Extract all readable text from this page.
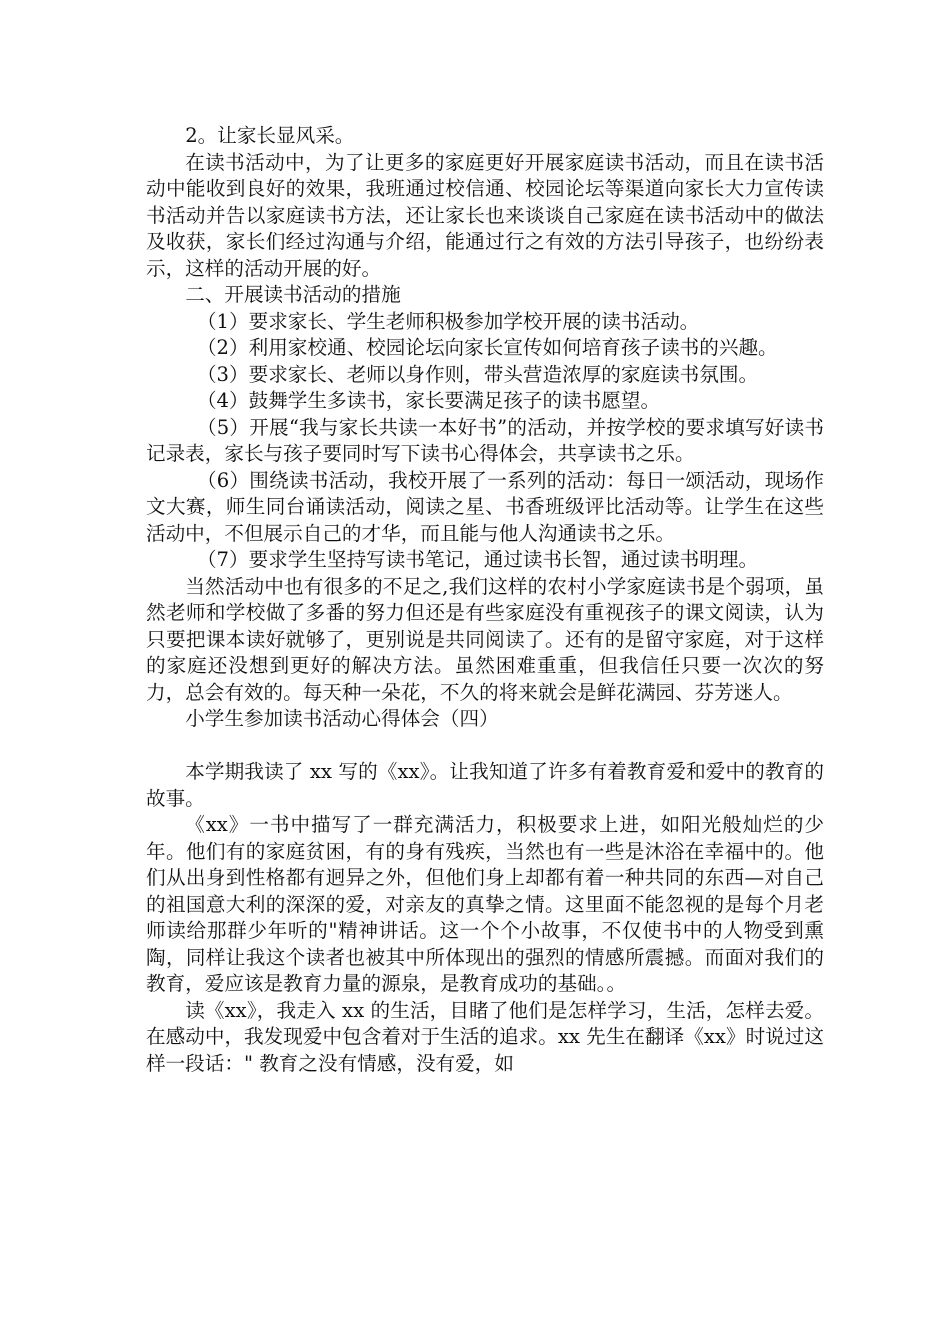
2。让家长显风采。

在读书活动中，为了让更多的家庭更好开展家庭读书活动，而且在读书活动中能收到良好的效果，我班通过校信通、校园论坛等渠道向家长大力宣传读书活动并告以家庭读书方法，还让家长也来谈谈自己家庭在读书活动中的做法及收获，家长们经过沟通与介绍，能通过行之有效的方法引导孩子，也纷纷表示，这样的活动开展的好。

二、开展读书活动的措施

（1）要求家长、学生老师积极参加学校开展的读书活动。

（2）利用家校通、校园论坛向家长宣传如何培育孩子读书的兴趣。

（3）要求家长、老师以身作则，带头营造浓厚的家庭读书氛围。

（4）鼓舞学生多读书，家长要满足孩子的读书愿望。

（5）开展“我与家长共读一本好书”的活动，并按学校的要求填写好读书记录表，家长与孩子要同时写下读书心得体会，共享读书之乐。

（6）围绕读书活动，我校开展了一系列的活动：每日一颂活动，现场作文大赛，师生同台诵读活动，阅读之星、书香班级评比活动等。让学生在这些活动中，不但展示自己的才华，而且能与他人沟通读书之乐。

（7）要求学生坚持写读书笔记，通过读书长智，通过读书明理。

当然活动中也有很多的不足之,我们这样的农村小学家庭读书是个弱项，虽然老师和学校做了多番的努力但还是有些家庭没有重视孩子的课文阅读，认为只要把课本读好就够了，更别说是共同阅读了。还有的是留守家庭，对于这样的家庭还没想到更好的解决方法。虽然困难重重，但我信任只要一次次的努力，总会有效的。每天种一朵花，不久的将来就会是鲜花满园、芬芳迷人。

小学生参加读书活动心得体会（四）

本学期我读了 xx 写的《xx》。让我知道了许多有着教育爱和爱中的教育的故事。

《xx》一书中描写了一群充满活力，积极要求上进，如阳光般灿烂的少年。他们有的家庭贫困，有的身有残疾，当然也有一些是沐浴在幸福中的。他们从出身到性格都有迥异之外，但他们身上却都有着一种共同的东西—对自己的祖国意大利的深深的爱，对亲友的真挚之情。这里面不能忽视的是每个月老师读给那群少年听的"精神讲话。这一个个小故事，不仅使书中的人物受到熏陶，同样让我这个读者也被其中所体现出的强烈的情感所震撼。而面对我们的教育，爱应该是教育力量的源泉，是教育成功的基础。。

读《xx》，我走入 xx 的生活，目睹了他们是怎样学习，生活，怎样去爱。在感动中，我发现爱中包含着对于生活的追求。xx 先生在翻译《xx》时说过这样一段话：" 教育之没有情感，没有爱，如
